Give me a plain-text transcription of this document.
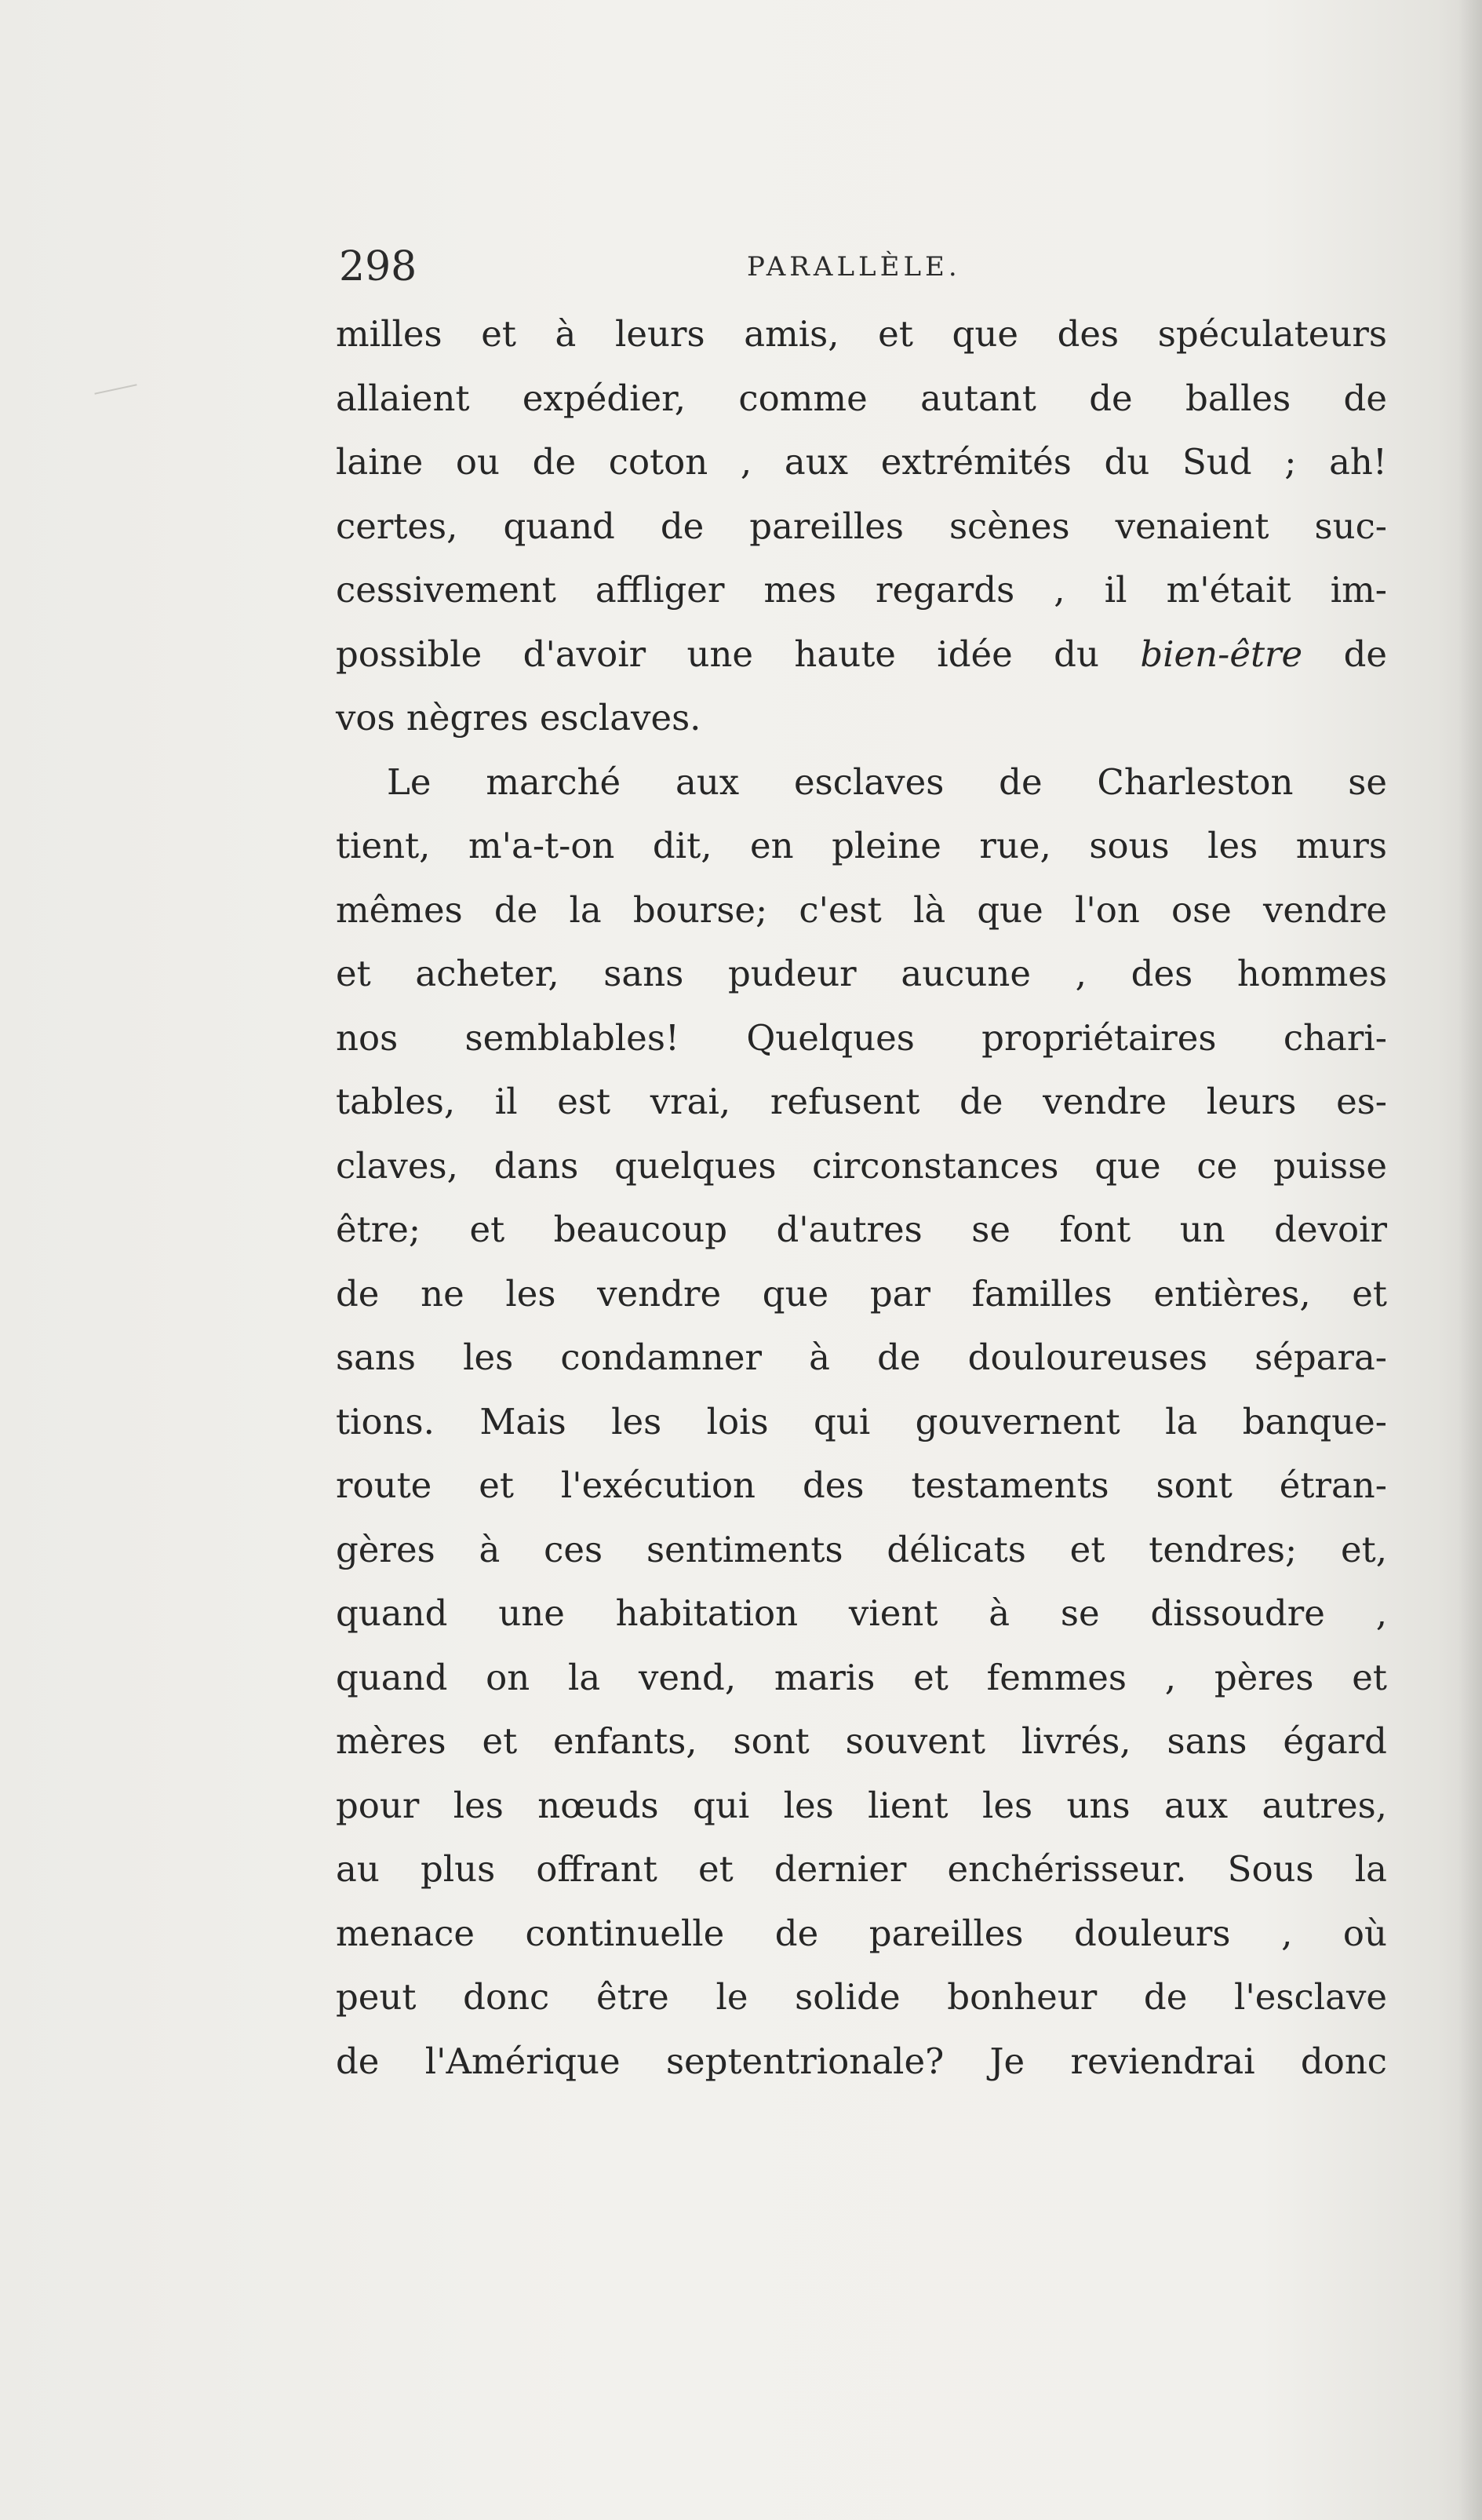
298	PARALLÈLE.
milles et à leurs amis, et que des spéculateurs
allaient expédier, comme autant de balles de
laine ou de coton , aux extrémités du Sud ; ah!
certes, quand de pareilles scènes venaient suc-
cessivement affliger mes regards , il m'était im-
possible d'avoir une haute idée du bien-être de
vos nègres esclaves.
Le marché aux esclaves de Charleston se
tient, m'a-t-on dit, en pleine rue, sous les murs
mêmes de la bourse; c'est là que l'on ose vendre
et acheter, sans pudeur aucune , des hommes
nos semblables! Quelques propriétaires chari-
tables, il est vrai, refusent de vendre leurs es-
claves, dans quelques circonstances que ce puisse
être; et beaucoup d'autres se font un devoir
de ne les vendre que par familles entières, et
sans les condamner à de douloureuses sépara-
tions. Mais les lois qui gouvernent la banque-
route et l'exécution des testaments sont étran-
gères à ces sentiments délicats et tendres; et,
quand une habitation vient à se dissoudre ,
quand on la vend, maris et femmes , pères et
mères et enfants, sont souvent livrés, sans égard
pour les nœuds qui les lient les uns aux autres,
au plus offrant et dernier enchérisseur. Sous la
menace continuelle de pareilles douleurs , où
peut donc être le solide bonheur de l'esclave
de l'Amérique septentrionale? Je reviendrai donc
